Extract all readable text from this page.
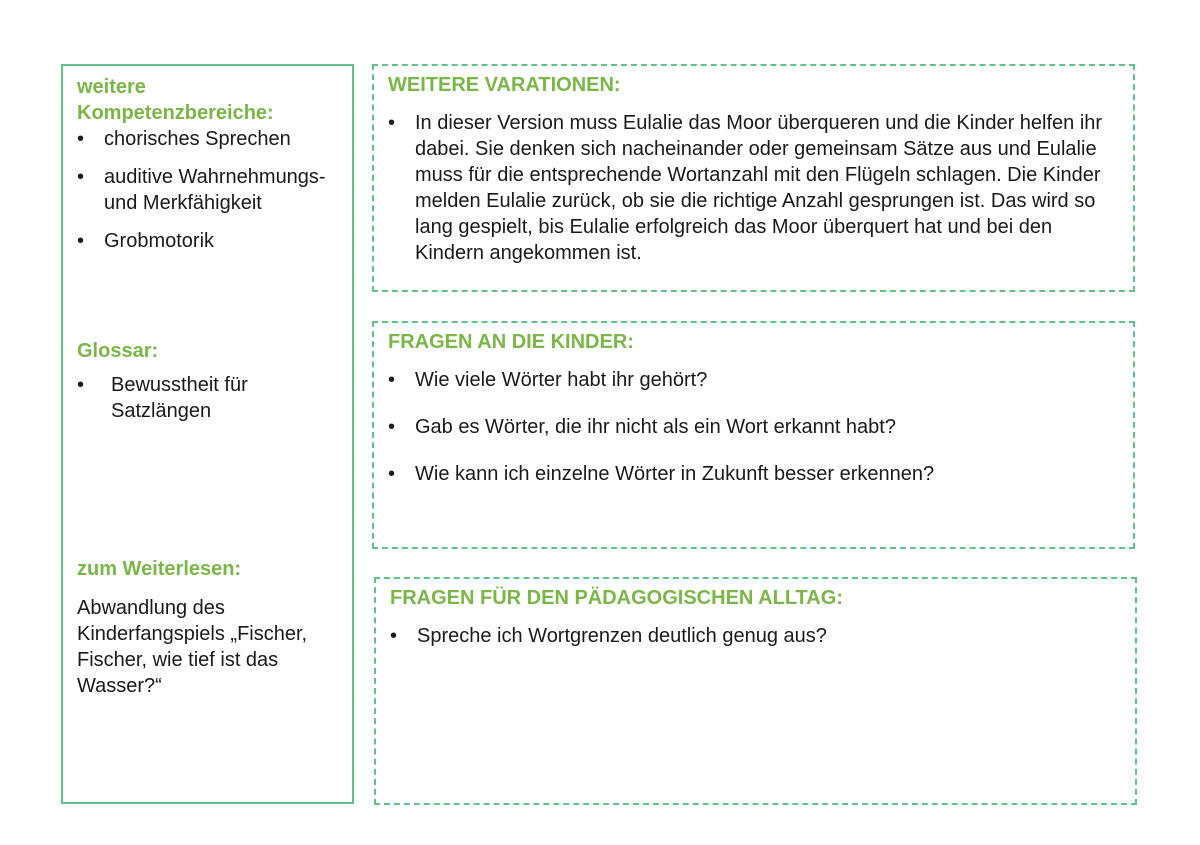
weitere Kompetenzbereiche:
• chorisches Sprechen
• auditive Wahrnehmungs- und Merkfähigkeit
• Grobmotorik
Glossar:
• Bewusstheit für Satzlängen
zum Weiterlesen:
Abwandlung des Kinderfangspiels „Fischer, Fischer, wie tief ist das Wasser?“
WEITERE VARATIONEN:
• In dieser Version muss Eulalie das Moor überqueren und die Kinder helfen ihr dabei. Sie denken sich nacheinander oder gemeinsam Sätze aus und Eulalie muss für die entsprechende Wortanzahl mit den Flügeln schlagen. Die Kinder melden Eulalie zurück, ob sie die richtige Anzahl gesprungen ist. Das wird so lang gespielt, bis Eulalie erfolgreich das Moor überquert hat und bei den Kindern angekommen ist.
FRAGEN AN DIE KINDER:
• Wie viele Wörter habt ihr gehört?
• Gab es Wörter, die ihr nicht als ein Wort erkannt habt?
• Wie kann ich einzelne Wörter in Zukunft besser erkennen?
FRAGEN FÜR DEN PÄDAGOGISCHEN ALLTAG:
• Spreche ich Wortgrenzen deutlich genug aus?
